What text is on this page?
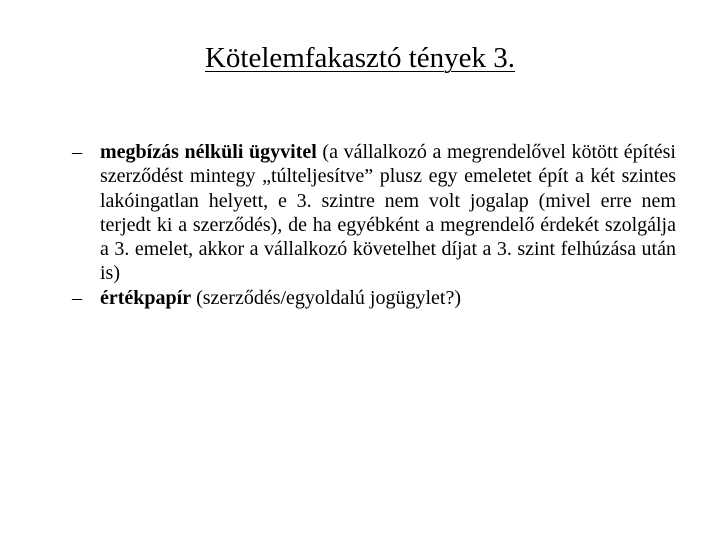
Kötelemfakasztó tények 3.
– megbízás nélküli ügyvitel (a vállalkozó a megrendelővel kötött építési szerződést mintegy „túlteljesítve” plusz egy emeletet épít a két szintes lakóingatlan helyett, e 3. szintre nem volt jogalap (mivel erre nem terjedt ki a szerződés), de ha egyébként a megrendelő érdekét szolgálja a 3. emelet, akkor a vállalkozó követelhet díjat a 3. szint felhúzása után is)
– értékpapír (szerződés/egyoldalú jogügylet?)
